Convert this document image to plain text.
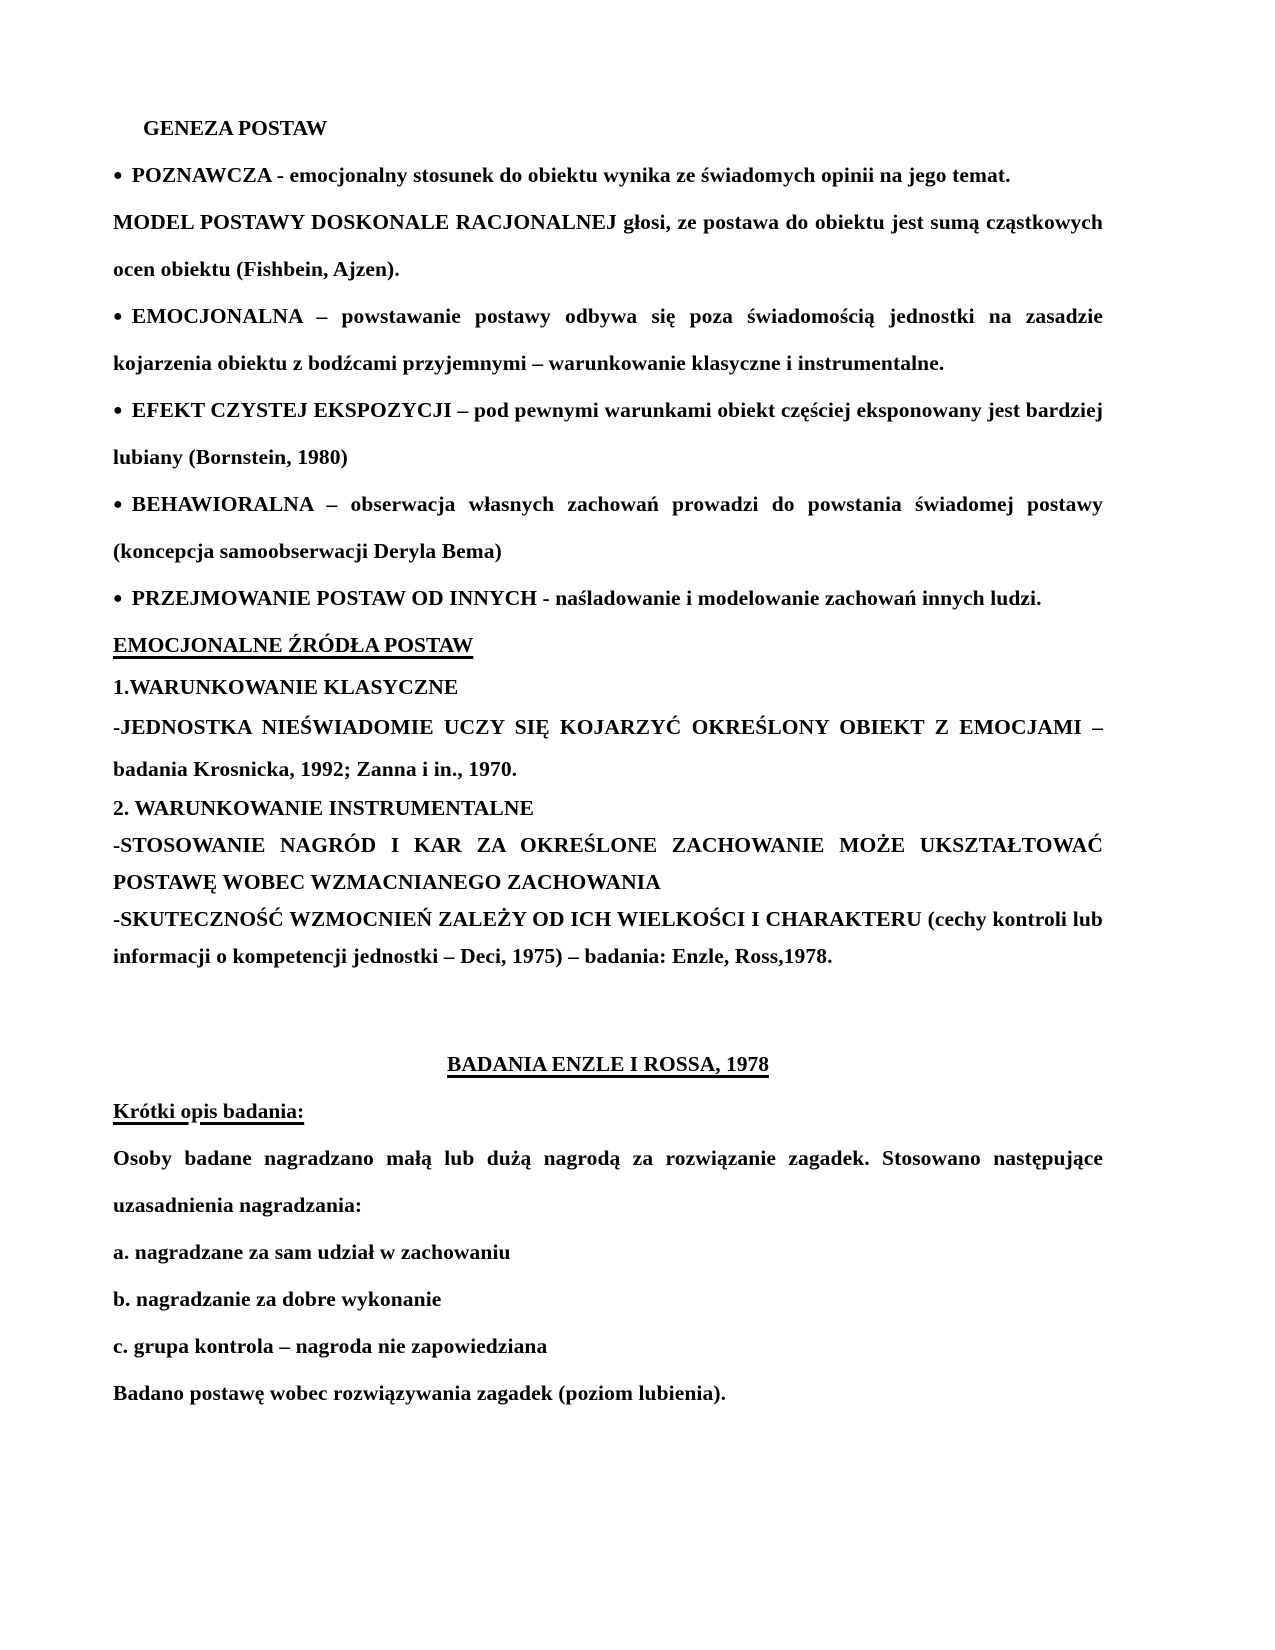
GENEZA POSTAW

● POZNAWCZA - emocjonalny stosunek do obiektu wynika ze świadomych opinii na jego temat.

MODEL POSTAWY DOSKONALE RACJONALNEJ głosi, ze postawa do obiektu jest sumą cząstkowych ocen obiektu (Fishbein, Ajzen).

● EMOCJONALNA – powstawanie postawy odbywa się poza świadomością jednostki na zasadzie kojarzenia obiektu z bodźcami przyjemnymi – warunkowanie klasyczne i instrumentalne.

● EFEKT CZYSTEJ EKSPOZYCJI – pod pewnymi warunkami obiekt częściej eksponowany jest bardziej lubiany (Bornstein, 1980)

● BEHAWIORALNA – obserwacja własnych zachowań prowadzi do powstania świadomej postawy (koncepcja samoobserwacji Deryla Bema)

● PRZEJMOWANIE POSTAW OD INNYCH - naśladowanie i modelowanie zachowań innych ludzi.

EMOCJONALNE ŹRÓDŁA POSTAW

1.WARUNKOWANIE KLASYCZNE

-JEDNOSTKA NIEŚWIADOMIE UCZY SIĘ KOJARZYĆ OKREŚLONY OBIEKT Z EMOCJAMI – badania Krosnicka, 1992; Zanna i in., 1970.

2. WARUNKOWANIE INSTRUMENTALNE

-STOSOWANIE NAGRÓD I KAR ZA OKREŚLONE ZACHOWANIE MOŻE UKSZTAŁTOWAĆ POSTAWĘ WOBEC WZMACNIANEGO ZACHOWANIA

-SKUTECZNOŚĆ WZMOCNIEŃ ZALEŻY OD ICH WIELKOŚCI I CHARAKTERU (cechy kontroli lub informacji o kompetencji jednostki – Deci, 1975) – badania: Enzle, Ross,1978.

BADANIA ENZLE I ROSSA, 1978

Krótki opis badania:

Osoby badane nagradzano małą lub dużą nagrodą za rozwiązanie zagadek. Stosowano następujące uzasadnienia nagradzania:

a. nagradzane za sam udział w zachowaniu

b. nagradzanie za dobre wykonanie

c. grupa kontrola – nagroda nie zapowiedziana

Badano postawę wobec rozwiązywania zagadek (poziom lubienia).
